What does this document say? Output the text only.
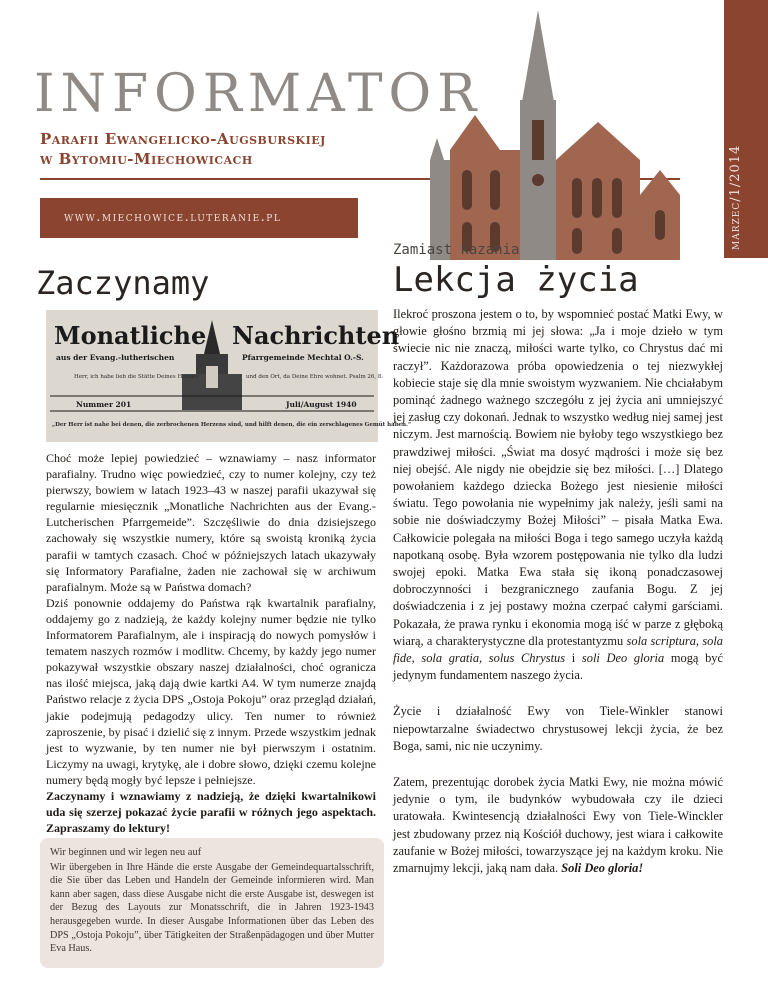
INFORMATOR
Parafii Ewangelicko-Augsburskiej
w Bytomiu-Miechowicach
www.miechowice.luteranie.pl	marzec/1/2014
Zaczynamy
Monatliche Nachrichten
aus der Evang.-lutherischen	Pfarrgemeinde Mechtal O.-S.
Herr, ich habe lieb die Stätte Deines Hauses	und den Ort, da Deine Ehre wohnet. Psalm 26, 8.
Nummer 201	Juli/August 1940
„Der Herr ist nahe bei denen, die zerbrochenen Herzens sind, und hilft denen, die ein zerschlagenes Gemüt haben.“

Choć może lepiej powiedzieć – wznawiamy – nasz informator parafialny. Trudno więc powiedzieć, czy to numer kolejny, czy też pierwszy, bowiem w latach 1923–43 w naszej parafii ukazywał się regularnie miesięcznik „Monatliche Nachrichten aus der Evang.-Lutcherischen Pfarrgemeide”. Szczęśliwie do dnia dzisiejszego zachowały się wszystkie numery, które są swoistą kroniką życia parafii w tamtych czasach. Choć w późniejszych latach ukazywały się Informatory Parafialne, żaden nie zachował się w archiwum parafialnym. Może są w Państwa domach?

Dziś ponownie oddajemy do Państwa rąk kwartalnik parafialny, oddajemy go z nadzieją, że każdy kolejny numer będzie nie tylko Informatorem Parafialnym, ale i inspiracją do nowych pomysłów i tematem naszych rozmów i modlitw. Chcemy, by każdy jego numer pokazywał wszystkie obszary naszej działalności, choć ogranicza nas ilość miejsca, jaką dają dwie kartki A4. W tym numerze znajdą Państwo relacje z życia DPS „Ostoja Pokoju” oraz przegląd działań, jakie podejmują pedagodzy ulicy. Ten numer to również zaproszenie, by pisać i dzielić się z innym. Przede wszystkim jednak jest to wyzwanie, by ten numer nie był pierwszym i ostatnim. Liczymy na uwagi, krytykę, ale i dobre słowo, dzięki czemu kolejne numery będą mogły być lepsze i pełniejsze.

Zaczynamy i wznawiamy z nadzieją, że dzięki kwartalnikowi uda się szerzej pokazać życie parafii w różnych jego aspektach. Zapraszamy do lektury!

Wir beginnen und wir legen neu auf

Wir übergeben in Ihre Hände die erste Ausgabe der Gemeindequartalsschrift, die Sie über das Leben und Handeln der Gemeinde informieren wird. Man kann aber sagen, dass diese Ausgabe nicht die erste Ausgabe ist, deswegen ist der Bezug des Layouts zur Monatsschrift, die in Jahren 1923-1943 herausgegeben wurde. In dieser Ausgabe Informationen über das Leben des DPS „Ostoja Pokoju”, über Tätigkeiten der Straßenpädagogen und über Mutter Eva Haus.

Zamiast kazania
Lekcja życia

Ilekroć proszona jestem o to, by wspomnieć postać Matki Ewy, w głowie głośno brzmią mi jej słowa: „Ja i moje dzieło w tym świecie nic nie znaczą, miłości warte tylko, co Chrystus dać mi raczył”. Każdorazowa próba opowiedzenia o tej niezwykłej kobiecie staje się dla mnie swoistym wyzwaniem. Nie chciałabym pominąć żadnego ważnego szczegółu z jej życia ani umniejszyć jej zasług czy dokonań. Jednak to wszystko według niej samej jest niczym. Jest marnością. Bowiem nie byłoby tego wszystkiego bez prawdziwej miłości. „Świat ma dosyć mądrości i może się bez niej obejść. Ale nigdy nie obejdzie się bez miłości. […] Dlatego powołaniem każdego dziecka Bożego jest niesienie miłości światu. Tego powołania nie wypełnimy jak należy, jeśli sami na sobie nie doświadczymy Bożej Miłości” – pisała Matka Ewa. Całkowicie polegała na miłości Boga i tego samego uczyła każdą napotkaną osobę. Była wzorem postępowania nie tylko dla ludzi swojej epoki. Matka Ewa stała się ikoną ponadczasowej dobroczynności i bezgranicznego zaufania Bogu. Z jej doświadczenia i z jej postawy można czerpać całymi garściami. Pokazała, że prawa rynku i ekonomia mogą iść w parze z głęboką wiarą, a charakterystyczne dla protestantyzmu sola scriptura, sola fide, sola gratia, solus Chrystus i soli Deo gloria mogą być jedynym fundamentem naszego życia.

Życie i działalność Ewy von Tiele-Winkler stanowi niepowtarzalne świadectwo chrystusowej lekcji życia, że bez Boga, sami, nic nie uczynimy.

Zatem, prezentując dorobek życia Matki Ewy, nie można mówić jedynie o tym, ile budynków wybudowała czy ile dzieci uratowała. Kwintesencją działalności Ewy von Tiele-Winckler jest zbudowany przez nią Kościół duchowy, jest wiara i całkowite zaufanie w Bożej miłości, towarzyszące jej na każdym kroku. Nie zmarnujmy lekcji, jaką nam dała. Soli Deo gloria!
